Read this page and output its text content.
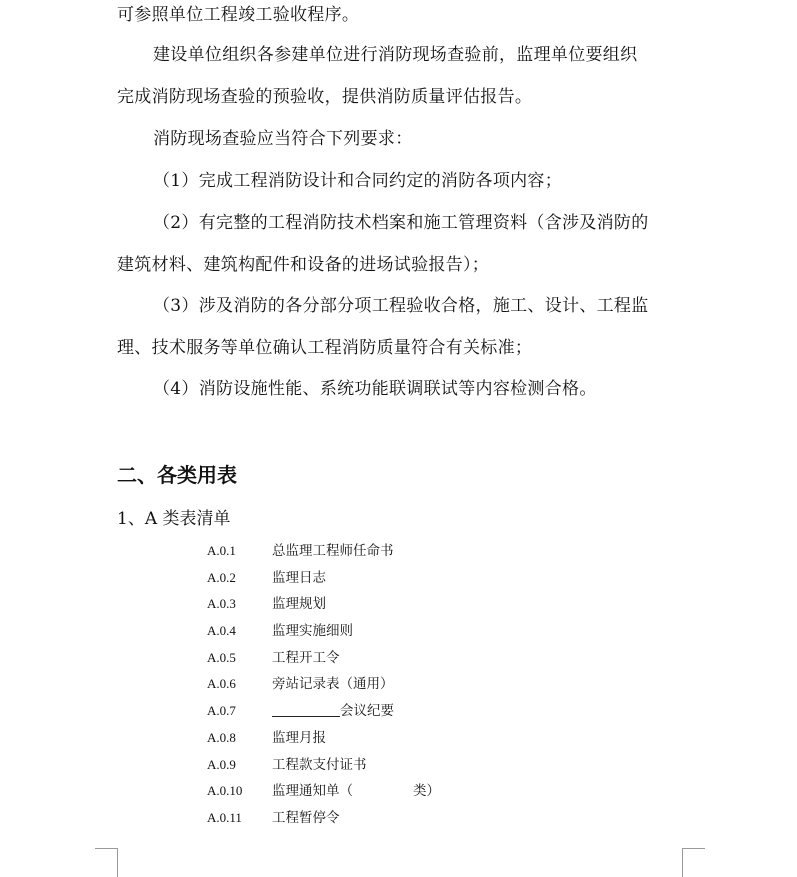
可参照单位工程竣工验收程序。
建设单位组织各参建单位进行消防现场查验前，监理单位要组织
完成消防现场查验的预验收，提供消防质量评估报告。
消防现场查验应当符合下列要求：
（1）完成工程消防设计和合同约定的消防各项内容；
（2）有完整的工程消防技术档案和施工管理资料（含涉及消防的
建筑材料、建筑构配件和设备的进场试验报告）；
（3）涉及消防的各分部分项工程验收合格，施工、设计、工程监
理、技术服务等单位确认工程消防质量符合有关标准；
（4）消防设施性能、系统功能联调联试等内容检测合格。
二、各类用表
1、A 类表清单
A.0.1	总监理工程师任命书
A.0.2	监理日志
A.0.3	监理规划
A.0.4	监理实施细则
A.0.5	工程开工令
A.0.6	旁站记录表（通用）
A.0.7	会议纪要
A.0.8	监理月报
A.0.9	工程款支付证书
A.0.10 监理通知单（	类）
A.0.11 工程暂停令
